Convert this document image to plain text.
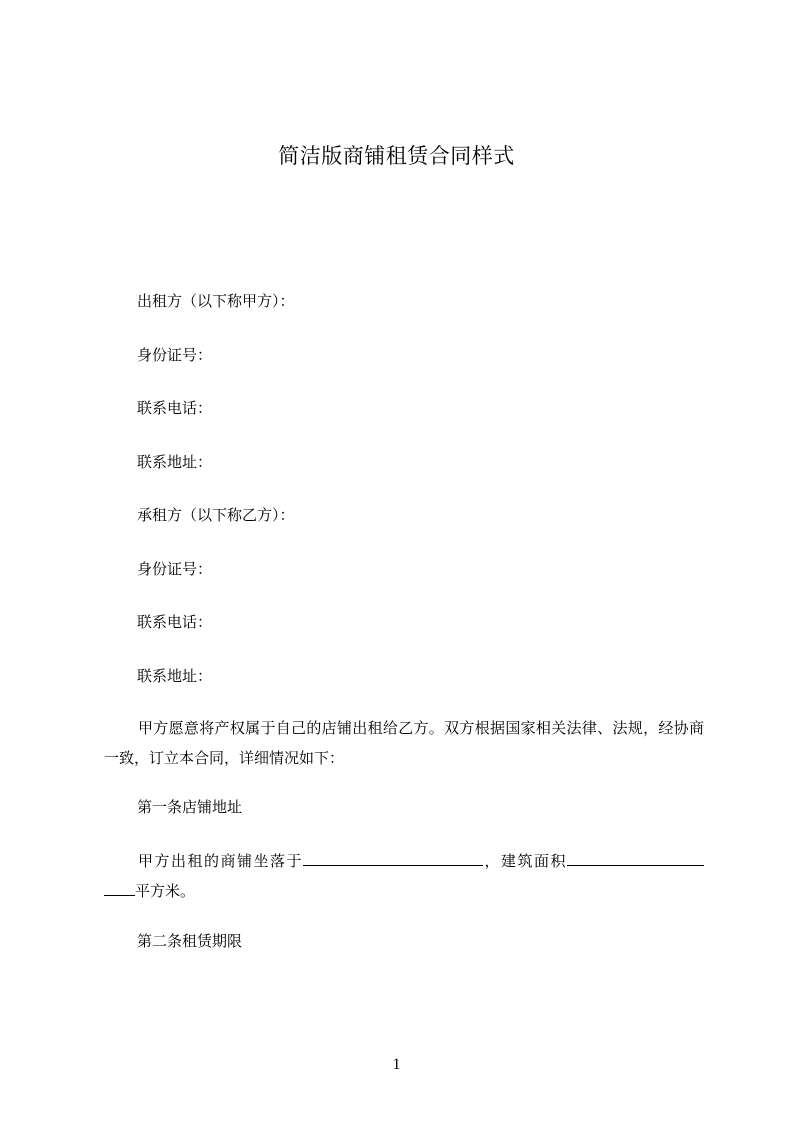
简洁版商铺租赁合同样式
出租方（以下称甲方）：
身份证号：
联系电话：
联系地址：
承租方（以下称乙方）：
身份证号：
联系电话：
联系地址：
甲方愿意将产权属于自己的店铺出租给乙方。双方根据国家相关法律、法规，经协商一致，订立本合同，详细情况如下：
第一条店铺地址
甲方出租的商铺坐落于	，建筑面积平方米。
第二条租赁期限
1
